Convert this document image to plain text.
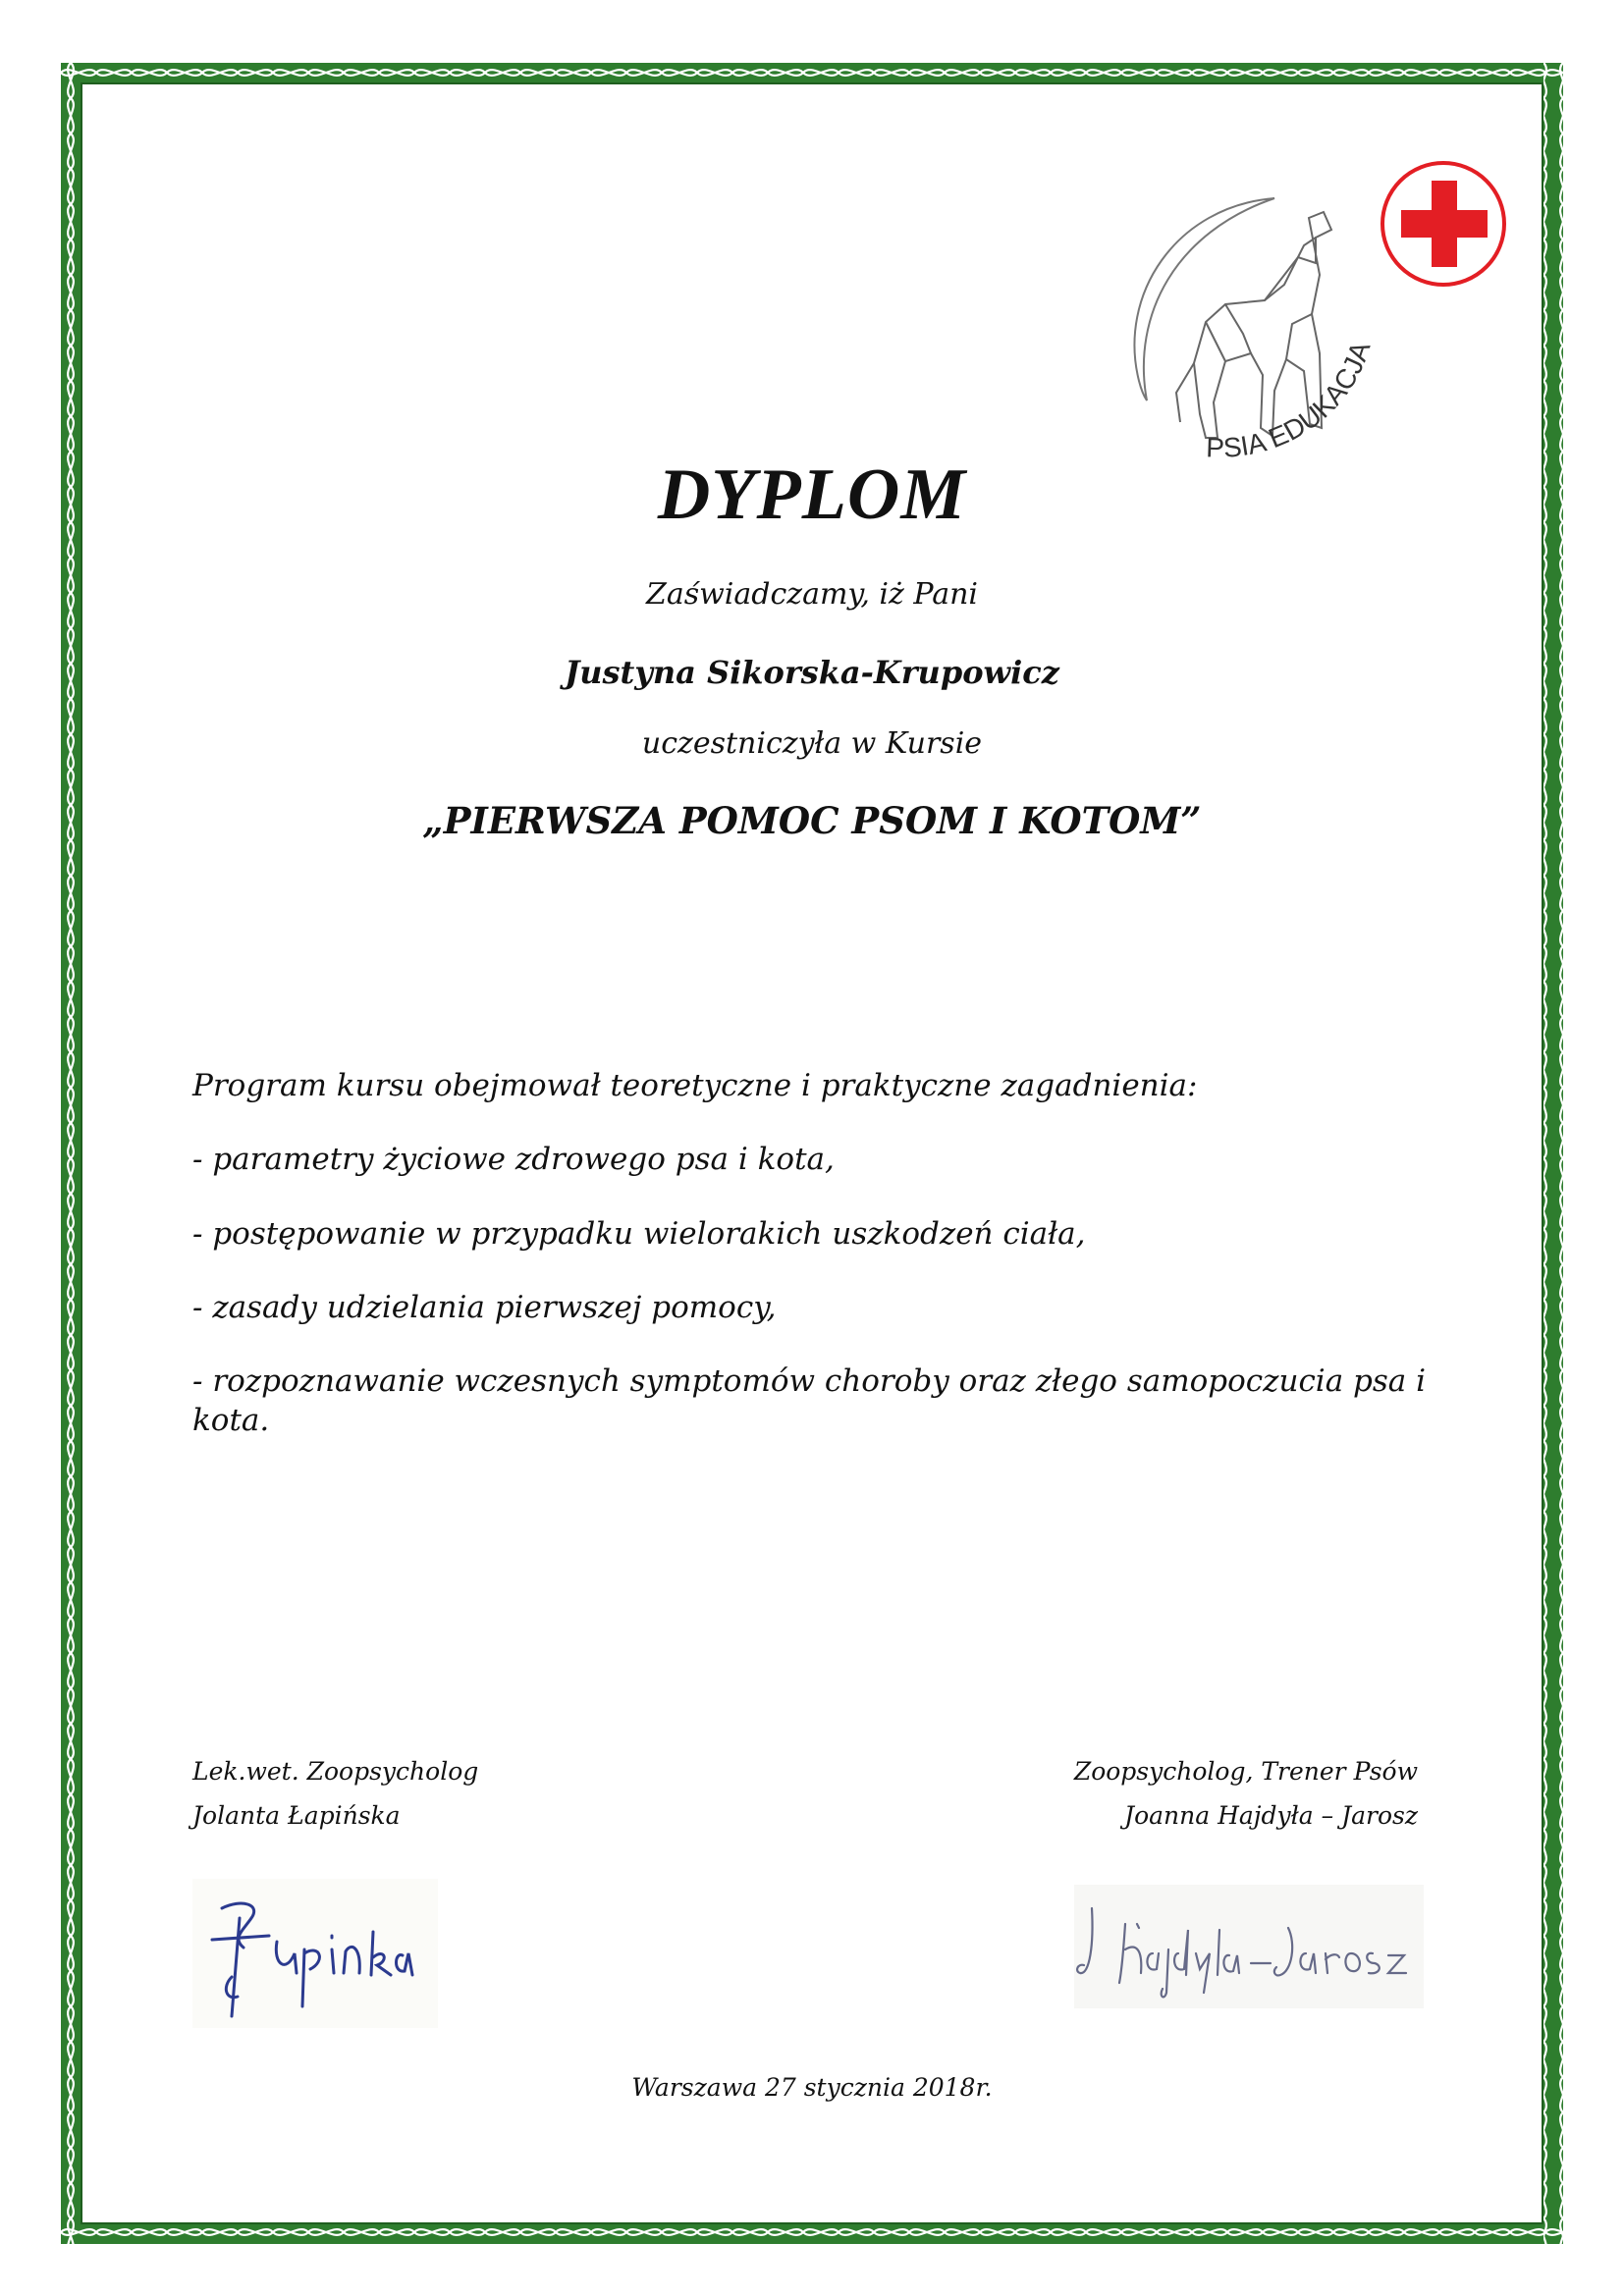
PSIA EDUKACJA
DYPLOM
Zaświadczamy, iż Pani
Justyna Sikorska-Krupowicz
uczestniczyła w Kursie
„PIERWSZA POMOC PSOM I KOTOM”

Program kursu obejmował teoretyczne i praktyczne zagadnienia:

- parametry życiowe zdrowego psa i kota,

- postępowanie w przypadku wielorakich uszkodzeń ciała,

- zasady udzielania pierwszej pomocy,

- rozpoznawanie wczesnych symptomów choroby oraz złego samopoczucia psa i kota.

Lek.wet. Zoopsycholog
Jolanta Łapińska
Zoopsycholog, Trener Psów
Joanna Hajdyła – Jarosz
Warszawa 27 stycznia 2018r.
